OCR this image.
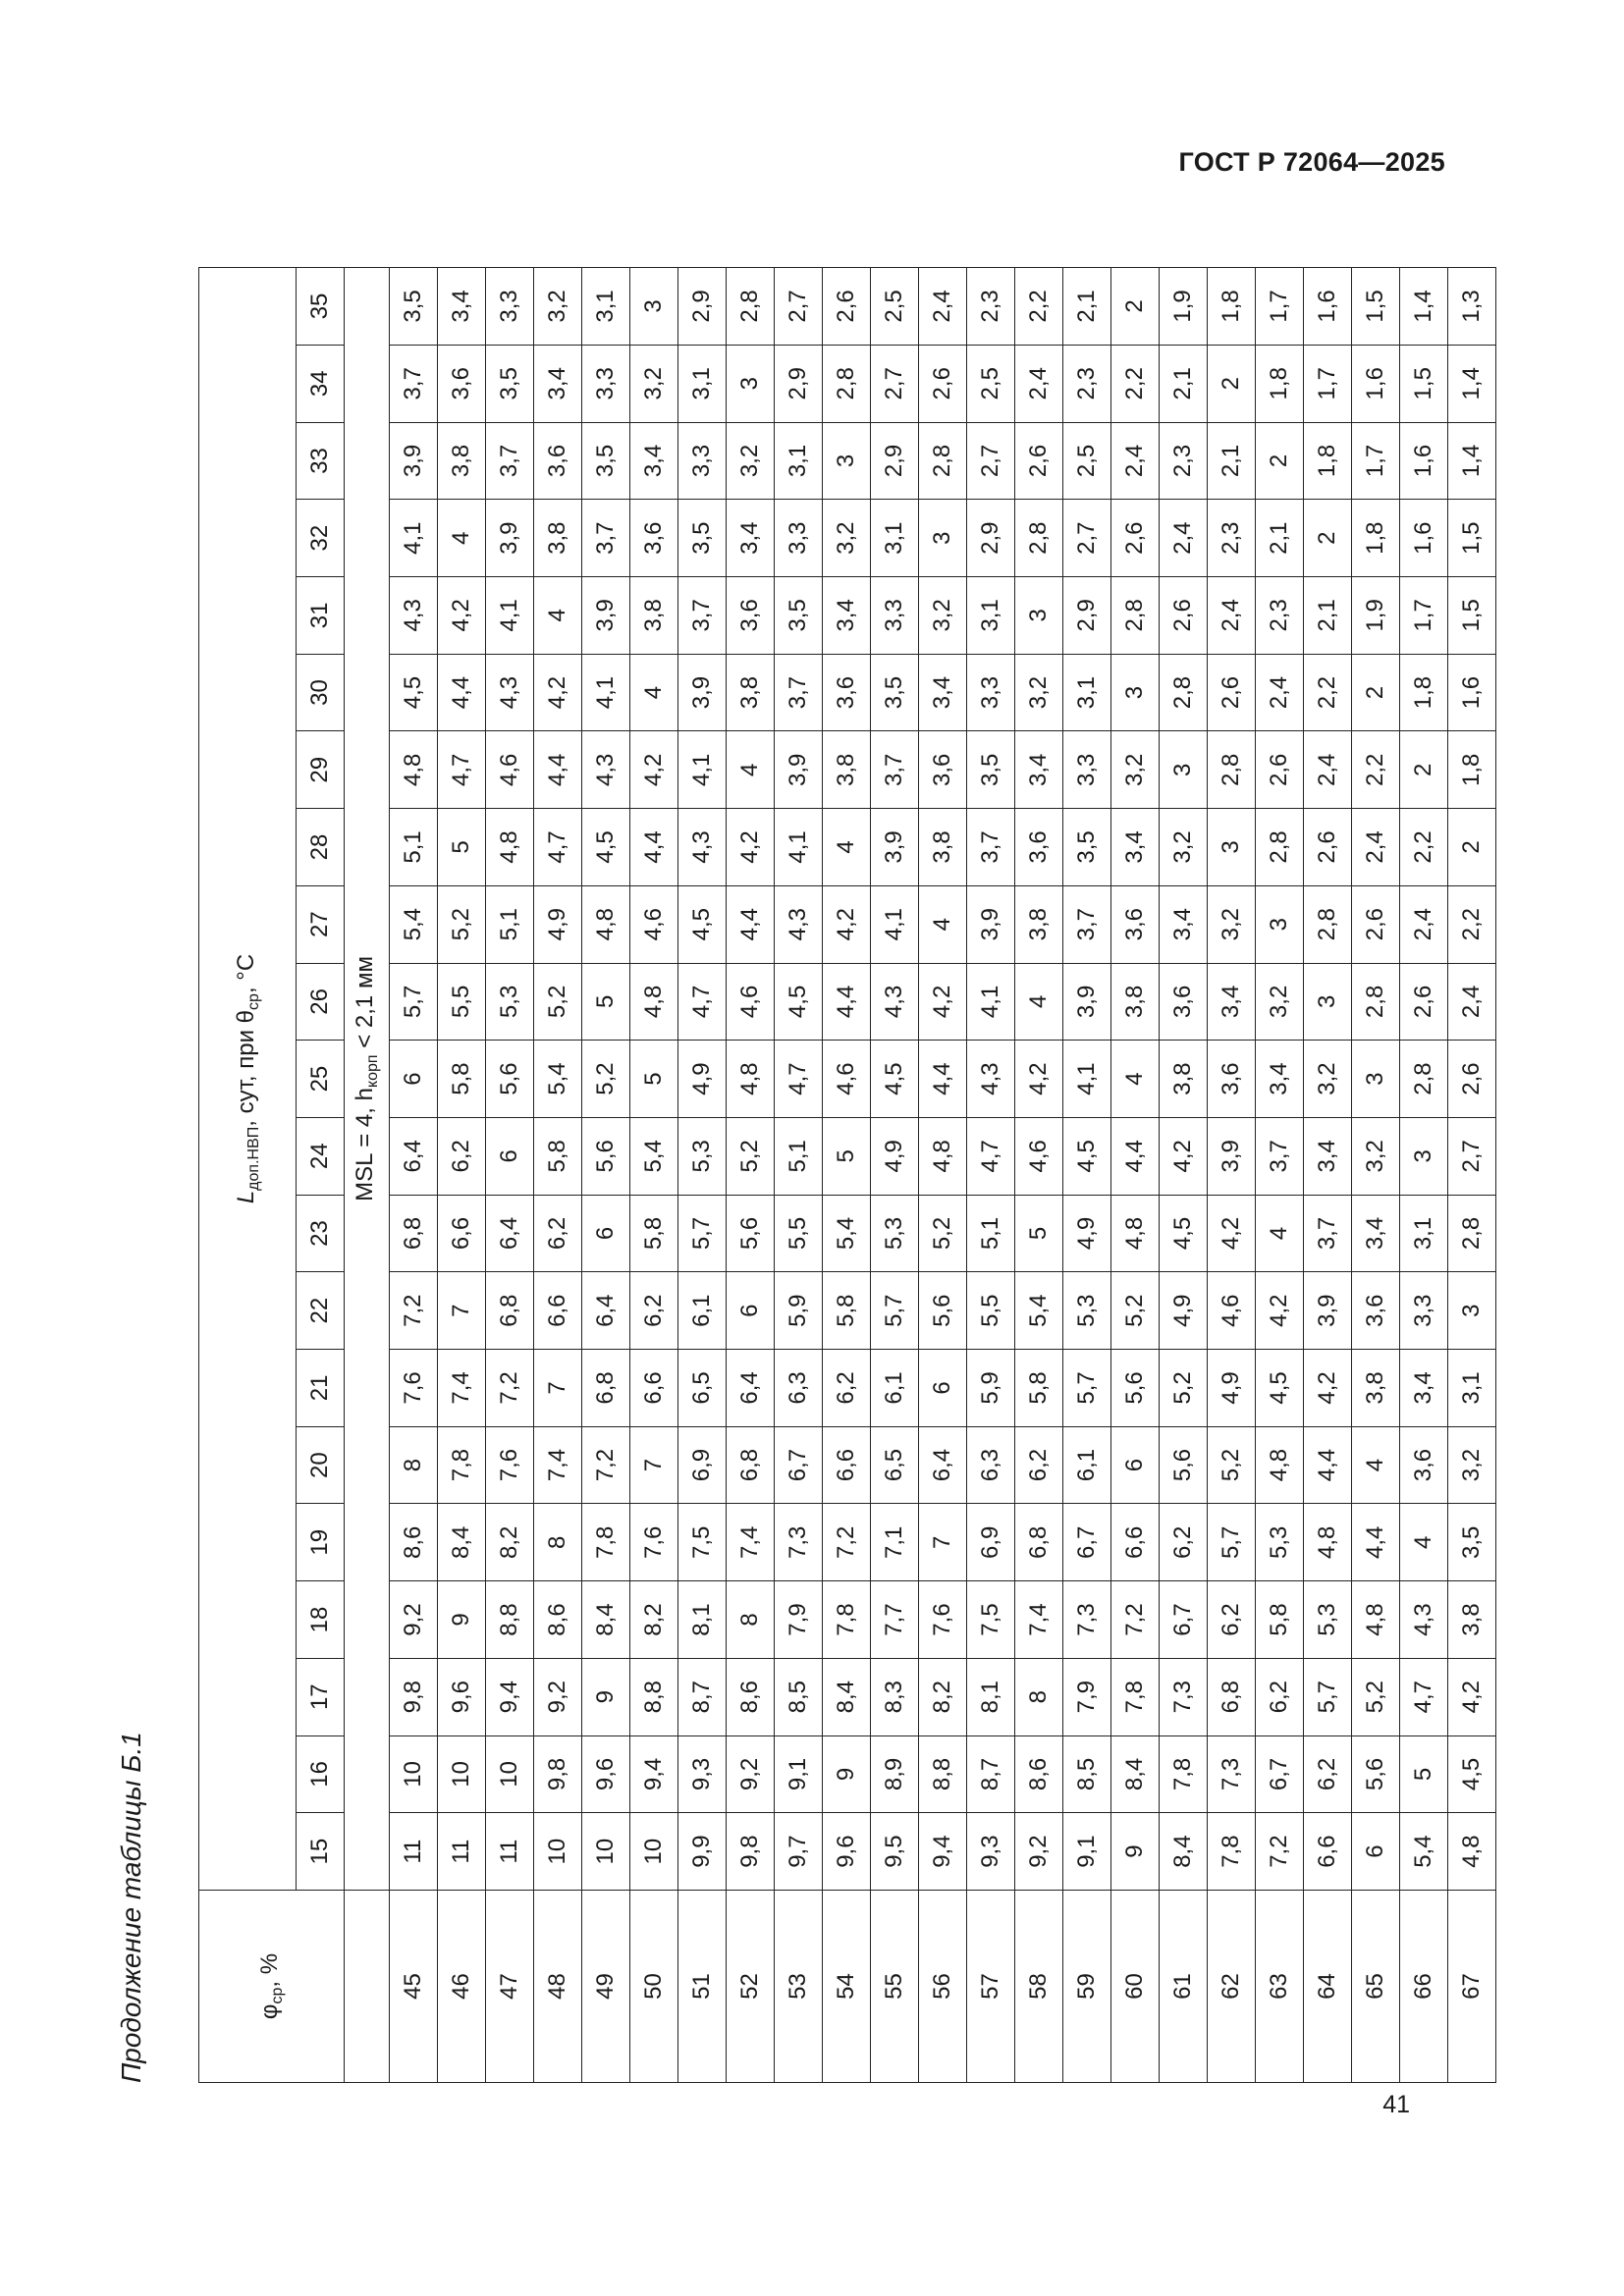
ГОСТ Р 72064—2025
Продолжение таблицы Б.1	$\varphi_{ср}$, %	$L_{доп.НВП}$, сут, при $\theta_{ср}$, °C																				
	15	16	17	18	19	20	21	22	23	24	25	26	27	28	29	30	31	32	33	34	35
	MSL = 4, $h_{корп} < 2,1$ мм																				
45	11	10	9,8	9,2	8,6	8	7,6	7,2	6,8	6,4	6	5,7	5,4	5,1	4,8	4,5	4,3	4,1	3,9	3,7	3,5
46	11	10	9,6	9	8,4	7,8	7,4	7	6,6	6,2	5,8	5,5	5,2	5	4,7	4,4	4,2	4	3,8	3,6	3,4
47	11	10	9,4	8,8	8,2	7,6	7,2	6,8	6,4	6	5,6	5,3	5,1	4,8	4,6	4,3	4,1	3,9	3,7	3,5	3,3
48	10	9,8	9,2	8,6	8	7,4	7	6,6	6,2	5,8	5,4	5,2	4,9	4,7	4,4	4,2	4	3,8	3,6	3,4	3,2
49	10	9,6	9	8,4	7,8	7,2	6,8	6,4	6	5,6	5,2	5	4,8	4,5	4,3	4,1	3,9	3,7	3,5	3,3	3,1
50	10	9,4	8,8	8,2	7,6	7	6,6	6,2	5,8	5,4	5	4,8	4,6	4,4	4,2	4	3,8	3,6	3,4	3,2	3
51	9,9	9,3	8,7	8,1	7,5	6,9	6,5	6,1	5,7	5,3	4,9	4,7	4,5	4,3	4,1	3,9	3,7	3,5	3,3	3,1	2,9
52	9,8	9,2	8,6	8	7,4	6,8	6,4	6	5,6	5,2	4,8	4,6	4,4	4,2	4	3,8	3,6	3,4	3,2	3	2,8
53	9,7	9,1	8,5	7,9	7,3	6,7	6,3	5,9	5,5	5,1	4,7	4,5	4,3	4,1	3,9	3,7	3,5	3,3	3,1	2,9	2,7
54	9,6	9	8,4	7,8	7,2	6,6	6,2	5,8	5,4	5	4,6	4,4	4,2	4	3,8	3,6	3,4	3,2	3	2,8	2,6
55	9,5	8,9	8,3	7,7	7,1	6,5	6,1	5,7	5,3	4,9	4,5	4,3	4,1	3,9	3,7	3,5	3,3	3,1	2,9	2,7	2,5
56	9,4	8,8	8,2	7,6	7	6,4	6	5,6	5,2	4,8	4,4	4,2	4	3,8	3,6	3,4	3,2	3	2,8	2,6	2,4
57	9,3	8,7	8,1	7,5	6,9	6,3	5,9	5,5	5,1	4,7	4,3	4,1	3,9	3,7	3,5	3,3	3,1	2,9	2,7	2,5	2,3
58	9,2	8,6	8	7,4	6,8	6,2	5,8	5,4	5	4,6	4,2	4	3,8	3,6	3,4	3,2	3	2,8	2,6	2,4	2,2
59	9,1	8,5	7,9	7,3	6,7	6,1	5,7	5,3	4,9	4,5	4,1	3,9	3,7	3,5	3,3	3,1	2,9	2,7	2,5	2,3	2,1
60	9	8,4	7,8	7,2	6,6	6	5,6	5,2	4,8	4,4	4	3,8	3,6	3,4	3,2	3	2,8	2,6	2,4	2,2	2
61	8,4	7,8	7,3	6,7	6,2	5,6	5,2	4,9	4,5	4,2	3,8	3,6	3,4	3,2	3	2,8	2,6	2,4	2,3	2,1	1,9
62	7,8	7,3	6,8	6,2	5,7	5,2	4,9	4,6	4,2	3,9	3,6	3,4	3,2	3	2,8	2,6	2,4	2,3	2,1	2	1,8
63	7,2	6,7	6,2	5,8	5,3	4,8	4,5	4,2	4	3,7	3,4	3,2	3	2,8	2,6	2,4	2,3	2,1	2	1,8	1,7
64	6,6	6,2	5,7	5,3	4,8	4,4	4,2	3,9	3,7	3,4	3,2	3	2,8	2,6	2,4	2,2	2,1	2	1,8	1,7	1,6
65	6	5,6	5,2	4,8	4,4	4	3,8	3,6	3,4	3,2	3	2,8	2,6	2,4	2,2	2	1,9	1,8	1,7	1,6	1,5
66	5,4	5	4,7	4,3	4	3,6	3,4	3,3	3,1	3	2,8	2,6	2,4	2,2	2	1,8	1,7	1,6	1,6	1,5	1,4
67	4,8	4,5	4,2	3,8	3,5	3,2	3,1	3	2,8	2,7	2,6	2,4	2,2	2	1,8	1,6	1,5	1,5	1,4	1,4	1,3
41
